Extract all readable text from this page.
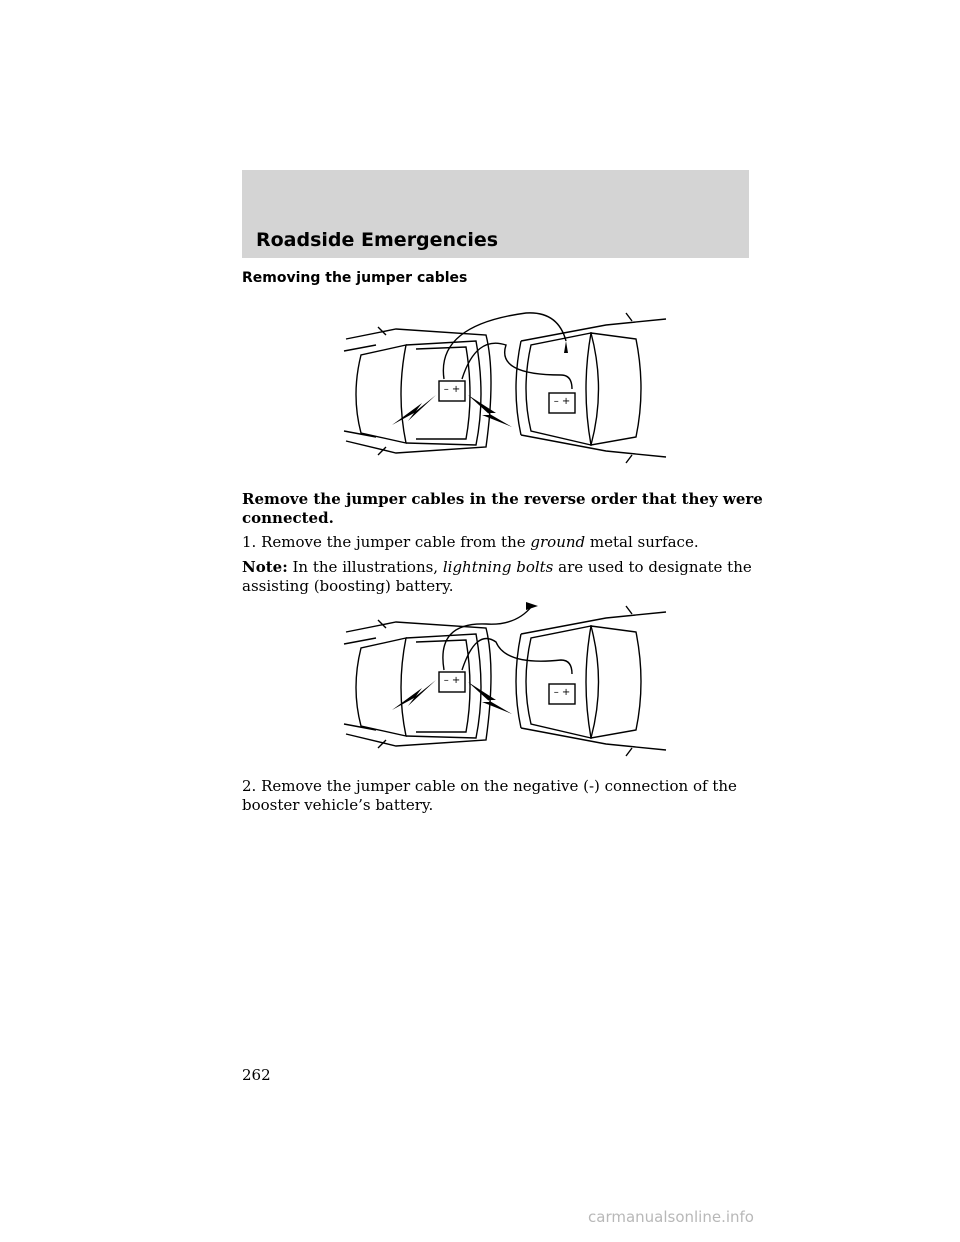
Roadside Emergencies
Removing the jumper cables
– +
– +
Remove the jumper cables in the reverse order that they were connected.
1. Remove the jumper cable from the ground metal surface.
Note: In the illustrations, lightning bolts are used to designate the assisting (boosting) battery.
– +
– +
2. Remove the jumper cable on the negative (-) connection of the booster vehicle’s battery.
262
carmanualsonline.info
